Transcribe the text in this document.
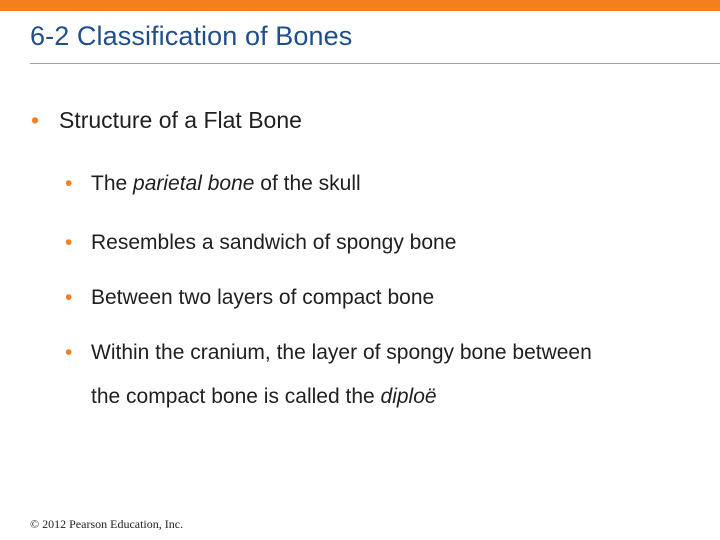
6-2 Classification of Bones
• Structure of a Flat Bone
• The parietal bone of the skull
• Resembles a sandwich of spongy bone
• Between two layers of compact bone
• Within the cranium, the layer of spongy bone between
the compact bone is called the diploë
© 2012 Pearson Education, Inc.
